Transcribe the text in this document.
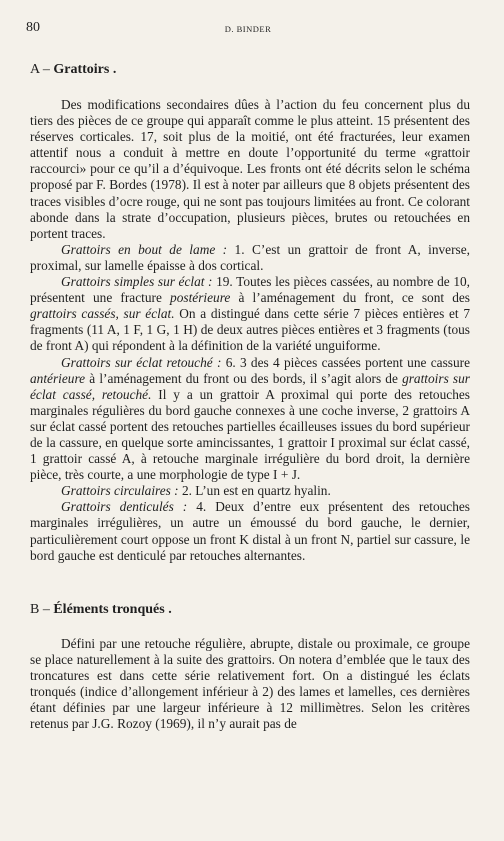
80	D. BINDER
A – Grattoirs .

Des modifications secondaires dûes à l’action du feu concernent plus du tiers des pièces de ce groupe qui apparaît comme le plus atteint. 15 présentent des réserves corticales. 17, soit plus de la moitié, ont été fracturées, leur examen attentif nous a conduit à mettre en doute l’opportunité du terme «grattoir raccourci» pour ce qu’il a d’équivoque. Les fronts ont été décrits selon le schéma proposé par F. Bordes (1978). Il est à noter par ailleurs que 8 objets présentent des traces visibles d’ocre rouge, qui ne sont pas toujours limitées au front. Ce colorant abonde dans la strate d’occupation, plusieurs pièces, brutes ou retouchées en portent traces.

Grattoirs en bout de lame : 1. C’est un grattoir de front A, inverse, proximal, sur lamelle épaisse à dos cortical.

Grattoirs simples sur éclat : 19. Toutes les pièces cassées, au nombre de 10, présentent une fracture postérieure à l’aménagement du front, ce sont des grattoirs cassés, sur éclat. On a distingué dans cette série 7 pièces entières et 7 fragments (11 A, 1 F, 1 G, 1 H) de deux autres pièces entières et 3 fragments (tous de front A) qui répondent à la définition de la variété unguiforme.

Grattoirs sur éclat retouché : 6. 3 des 4 pièces cassées portent une cassure antérieure à l’aménagement du front ou des bords, il s’agit alors de grattoirs sur éclat cassé, retouché. Il y a un grattoir A proximal qui porte des retouches marginales régulières du bord gauche connexes à une coche inverse, 2 grattoirs A sur éclat cassé portent des retouches partielles écailleuses issues du bord supérieur de la cassure, en quelque sorte amincissantes, 1 grattoir I proximal sur éclat cassé, 1 grattoir cassé A, à retouche marginale irrégulière du bord droit, la dernière pièce, très courte, a une morphologie de type I + J.

Grattoirs circulaires : 2. L’un est en quartz hyalin.

Grattoirs denticulés : 4. Deux d’entre eux présentent des retouches marginales irrégulières, un autre un émoussé du bord gauche, le dernier, particulièrement court oppose un front K distal à un front N, partiel sur cassure, le bord gauche est denticulé par retouches alternantes.

B – Éléments tronqués .

Défini par une retouche régulière, abrupte, distale ou proximale, ce groupe se place naturellement à la suite des grattoirs. On notera d’emblée que le taux des troncatures est dans cette série relativement fort. On a distingué les éclats tronqués (indice d’allongement inférieur à 2) des lames et lamelles, ces dernières étant définies par une largeur inférieure à 12 millimètres. Selon les critères retenus par J.G. Rozoy (1969), il n’y aurait pas de
